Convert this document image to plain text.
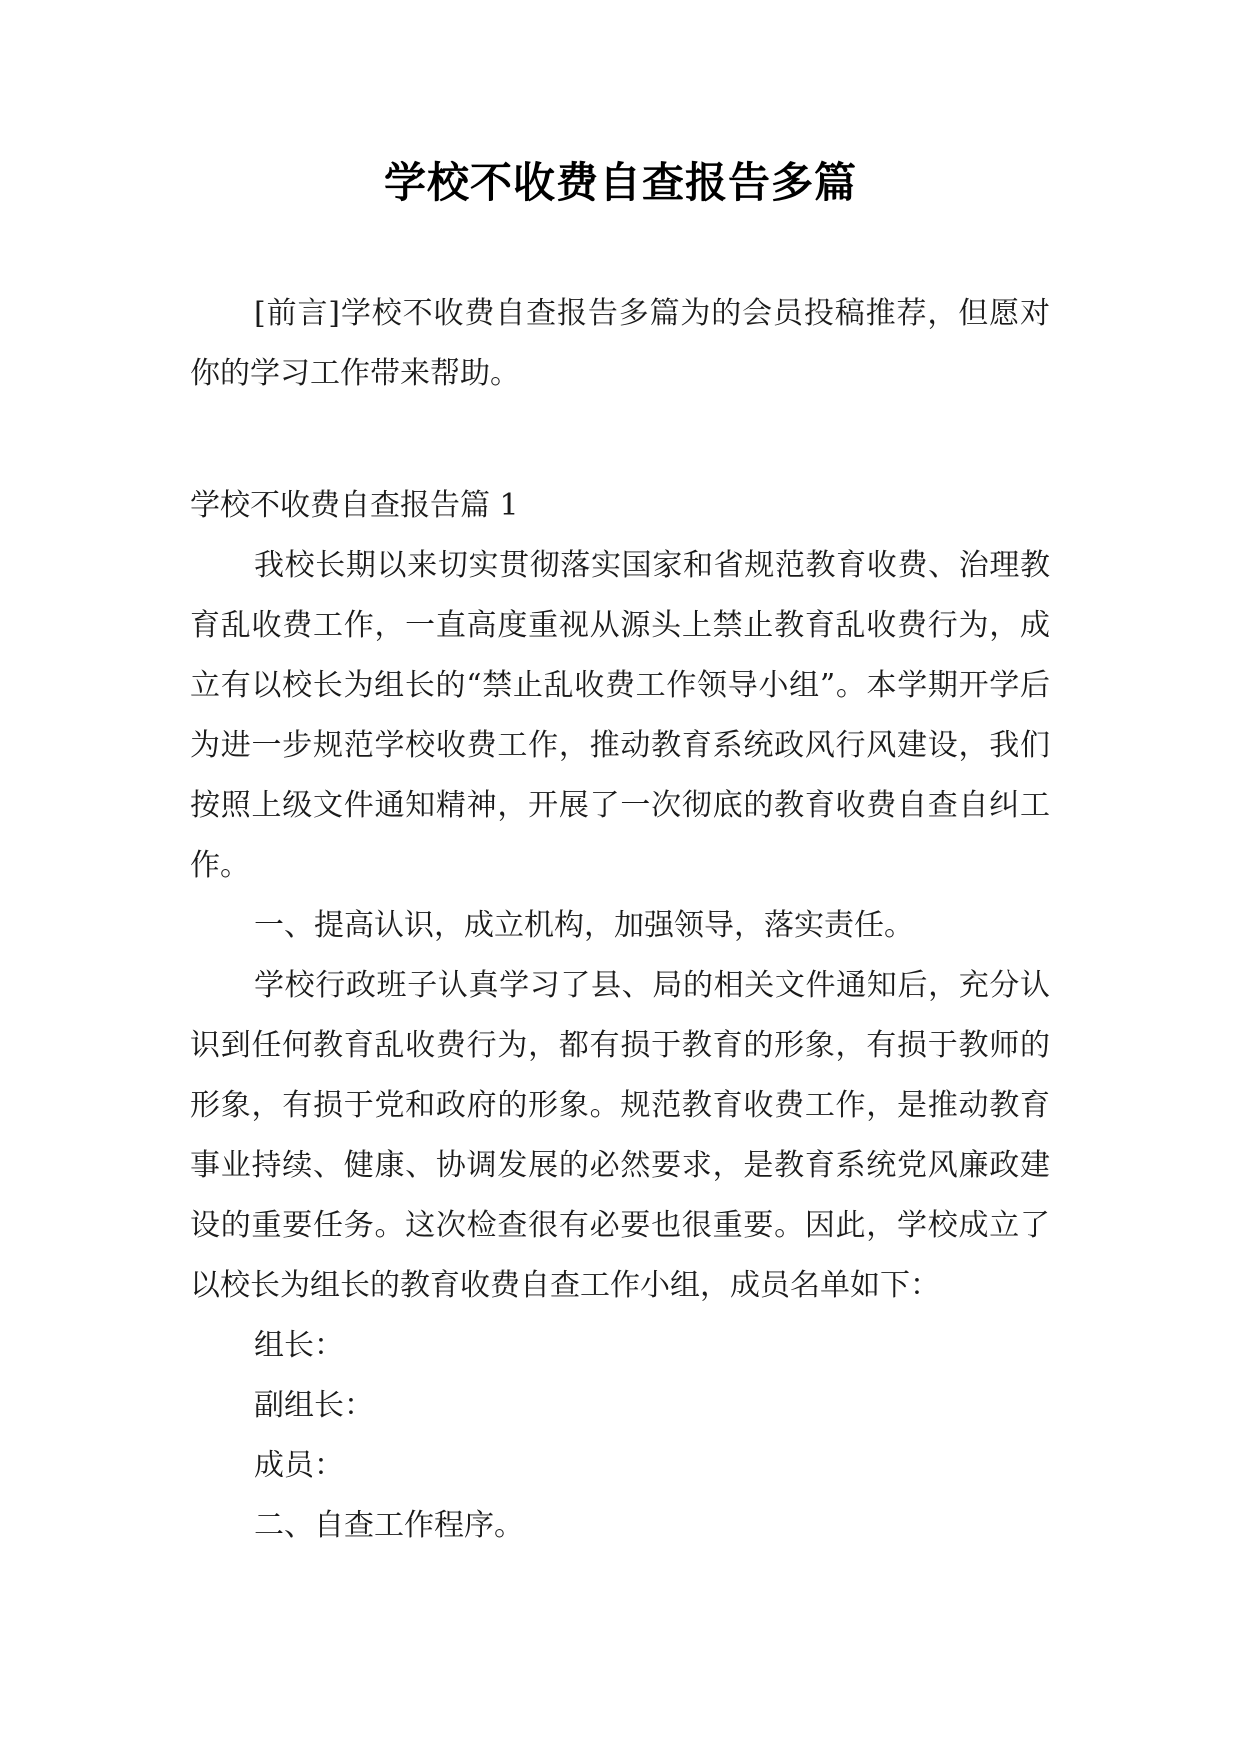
学校不收费自查报告多篇

[前言]学校不收费自查报告多篇为的会员投稿推荐，但愿对你的学习工作带来帮助。

学校不收费自查报告篇 1

我校长期以来切实贯彻落实国家和省规范教育收费、治理教育乱收费工作，一直高度重视从源头上禁止教育乱收费行为，成立有以校长为组长的“禁止乱收费工作领导小组”。本学期开学后为进一步规范学校收费工作，推动教育系统政风行风建设，我们按照上级文件通知精神，开展了一次彻底的教育收费自查自纠工作。

一、提高认识，成立机构，加强领导，落实责任。

学校行政班子认真学习了县、局的相关文件通知后，充分认识到任何教育乱收费行为，都有损于教育的形象，有损于教师的形象，有损于党和政府的形象。规范教育收费工作，是推动教育事业持续、健康、协调发展的必然要求，是教育系统党风廉政建设的重要任务。这次检查很有必要也很重要。因此，学校成立了以校长为组长的教育收费自查工作小组，成员名单如下：

组长：

副组长：

成员：

二、自查工作程序。
